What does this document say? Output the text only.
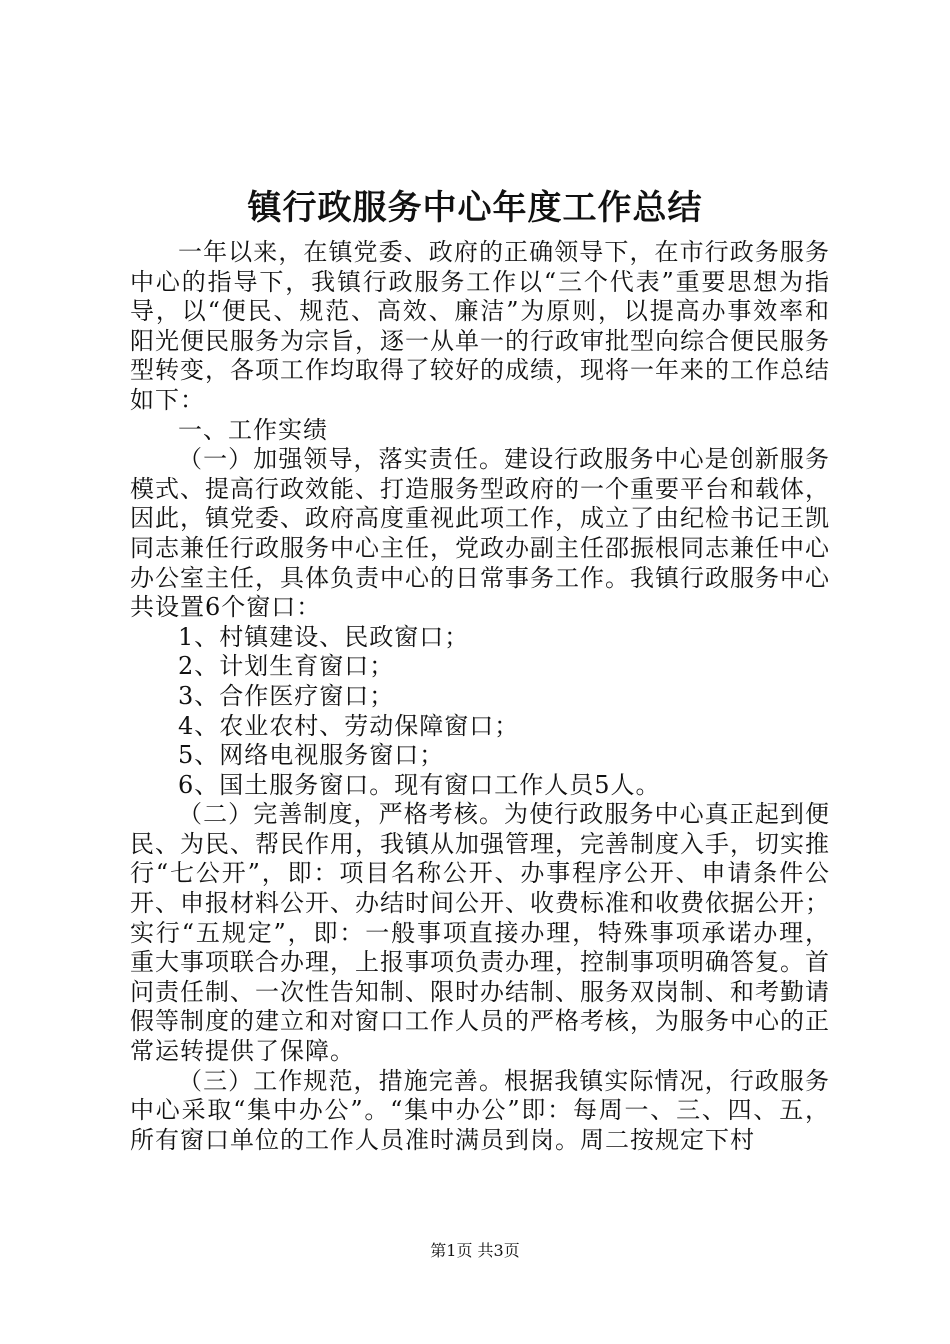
镇行政服务中心年度工作总结

一年以来，在镇党委、政府的正确领导下，在市行政务服务中心的指导下，我镇行政服务工作以“三个代表”重要思想为指导，以“便民、规范、高效、廉洁”为原则，以提高办事效率和阳光便民服务为宗旨，逐一从单一的行政审批型向综合便民服务型转变，各项工作均取得了较好的成绩，现将一年来的工作总结如下：

一、工作实绩

（一）加强领导，落实责任。建设行政服务中心是创新服务模式、提高行政效能、打造服务型政府的一个重要平台和载体，因此，镇党委、政府高度重视此项工作，成立了由纪检书记王凯同志兼任行政服务中心主任，党政办副主任邵振根同志兼任中心办公室主任，具体负责中心的日常事务工作。我镇行政服务中心共设置6个窗口：

1、村镇建设、民政窗口；

2、计划生育窗口；

3、合作医疗窗口；

4、农业农村、劳动保障窗口；

5、网络电视服务窗口；

6、国土服务窗口。现有窗口工作人员5人。

（二）完善制度，严格考核。为使行政服务中心真正起到便民、为民、帮民作用，我镇从加强管理，完善制度入手，切实推行“七公开”，即：项目名称公开、办事程序公开、申请条件公开、申报材料公开、办结时间公开、收费标准和收费依据公开；实行“五规定”，即：一般事项直接办理，特殊事项承诺办理，重大事项联合办理，上报事项负责办理，控制事项明确答复。首问责任制、一次性告知制、限时办结制、服务双岗制、和考勤请假等制度的建立和对窗口工作人员的严格考核，为服务中心的正常运转提供了保障。

（三）工作规范，措施完善。根据我镇实际情况，行政服务中心采取“集中办公”。“集中办公”即：每周一、三、四、五，所有窗口单位的工作人员准时满员到岗。周二按规定下村

第1页 共3页
